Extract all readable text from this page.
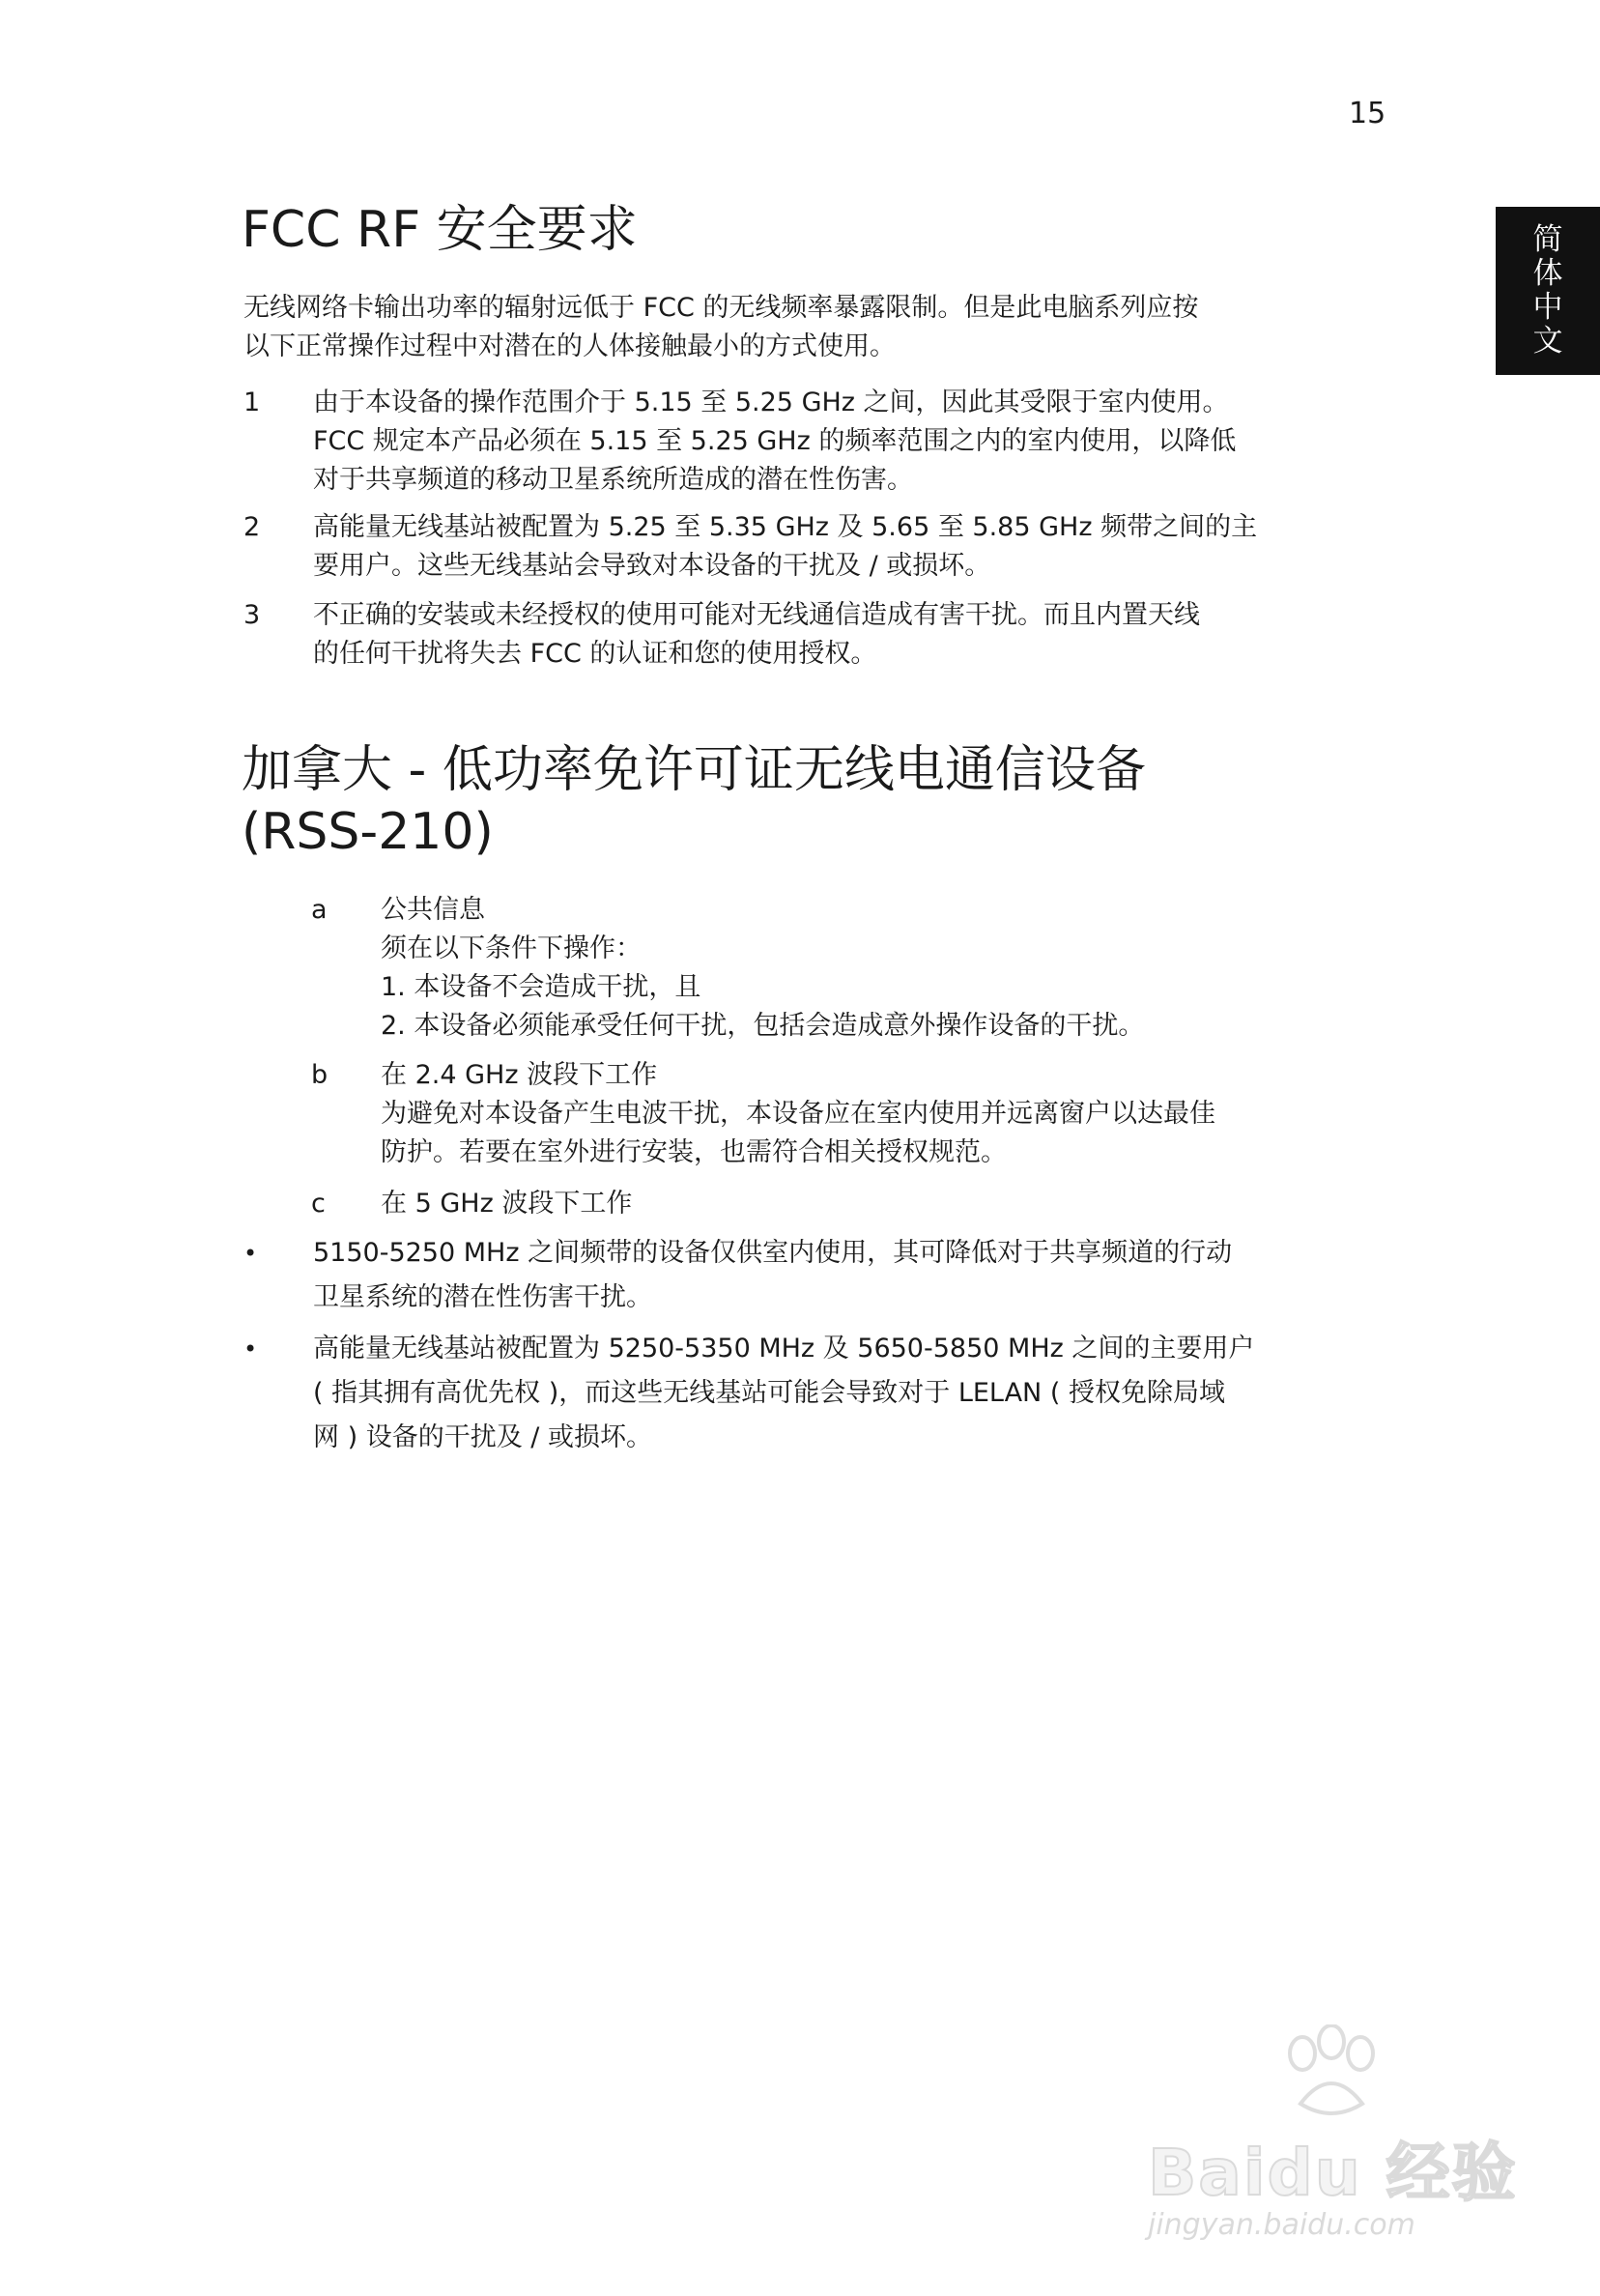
15
简
体
中
文
FCC RF 安全要求

无线网络卡输出功率的辐射远低于 FCC 的无线频率暴露限制。但是此电脑系列应按
以下正常操作过程中对潜在的人体接触最小的方式使用。

1 由于本设备的操作范围介于 5.15 至 5.25 GHz 之间，因此其受限于室内使用。
FCC 规定本产品必须在 5.15 至 5.25 GHz 的频率范围之内的室内使用，以降低
对于共享频道的移动卫星系统所造成的潜在性伤害。
2 高能量无线基站被配置为 5.25 至 5.35 GHz 及 5.65 至 5.85 GHz 频带之间的主
要用户。这些无线基站会导致对本设备的干扰及 / 或损坏。
3 不正确的安装或未经授权的使用可能对无线通信造成有害干扰。而且内置天线
的任何干扰将失去 FCC 的认证和您的使用授权。
加拿大 - 低功率免许可证无线电通信设备
(RSS-210)
a 公共信息
须在以下条件下操作：
1. 本设备不会造成干扰，且
2. 本设备必须能承受任何干扰，包括会造成意外操作设备的干扰。
b 在 2.4 GHz 波段下工作
为避免对本设备产生电波干扰，本设备应在室内使用并远离窗户以达最佳
防护。若要在室外进行安装，也需符合相关授权规范。
c 在 5 GHz 波段下工作
• 5150-5250 MHz 之间频带的设备仅供室内使用，其可降低对于共享频道的行动
卫星系统的潜在性伤害干扰。
• 高能量无线基站被配置为 5250-5350 MHz 及 5650-5850 MHz 之间的主要用户
( 指其拥有高优先权 )，而这些无线基站可能会导致对于 LELAN ( 授权免除局域
网 ) 设备的干扰及 / 或损坏。
Baidu 经验
jingyan.baidu.com
